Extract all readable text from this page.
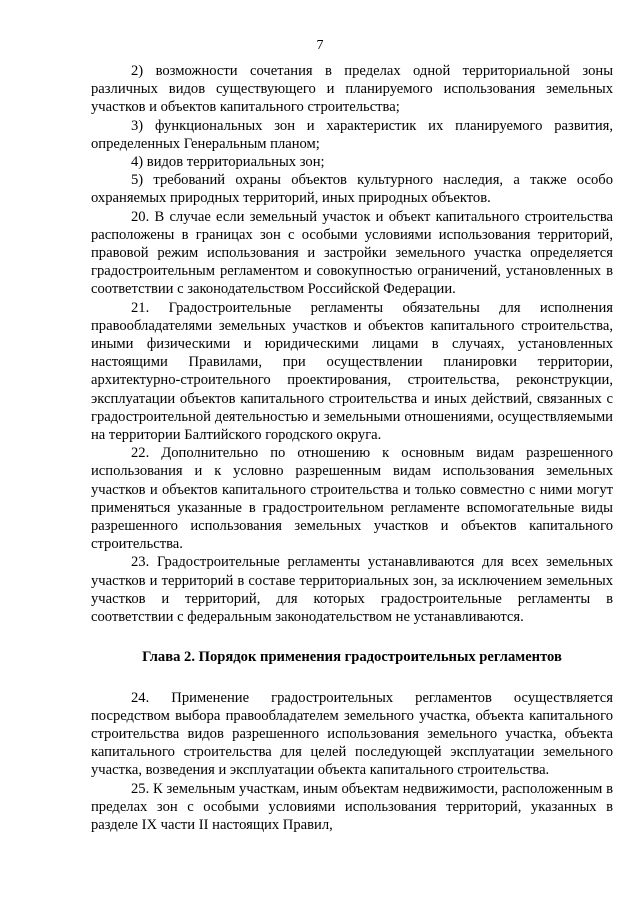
7

2) возможности сочетания в пределах одной территориальной зоны различных видов существующего и планируемого использования земельных участков и объектов капитального строительства;

3) функциональных зон и характеристик их планируемого развития, определенных Генеральным планом;

4) видов территориальных зон;

5) требований охраны объектов культурного наследия, а также особо охраняемых природных территорий, иных природных объектов.

20. В случае если земельный участок и объект капитального строительства расположены в границах зон с особыми условиями использования территорий, правовой режим использования и застройки земельного участка определяется градостроительным регламентом и совокупностью ограничений, установленных в соответствии с законодательством Российской Федерации.

21. Градостроительные регламенты обязательны для исполнения правообладателями земельных участков и объектов капитального строительства, иными физическими и юридическими лицами в случаях, установленных настоящими Правилами, при осуществлении планировки территории, архитектурно-строительного проектирования, строительства, реконструкции, эксплуатации объектов капитального строительства и иных действий, связанных с градостроительной деятельностью и земельными отношениями, осуществляемыми на территории Балтийского городского округа.

22. Дополнительно по отношению к основным видам разрешенного использования и к условно разрешенным видам использования земельных участков и объектов капитального строительства и только совместно с ними могут применяться указанные в градостроительном регламенте вспомогательные виды разрешенного использования земельных участков и объектов капитального строительства.

23. Градостроительные регламенты устанавливаются для всех земельных участков и территорий в составе территориальных зон, за исключением земельных участков и территорий, для которых градостроительные регламенты в соответствии с федеральным законодательством не устанавливаются.

Глава 2. Порядок применения градостроительных регламентов

24. Применение градостроительных регламентов осуществляется посредством выбора правообладателем земельного участка, объекта капитального строительства видов разрешенного использования земельного участка, объекта капитального строительства для целей последующей эксплуатации земельного участка, возведения и эксплуатации объекта капитального строительства.

25. К земельным участкам, иным объектам недвижимости, расположенным в пределах зон с особыми условиями использования территорий, указанных в разделе IX части II настоящих Правил,
